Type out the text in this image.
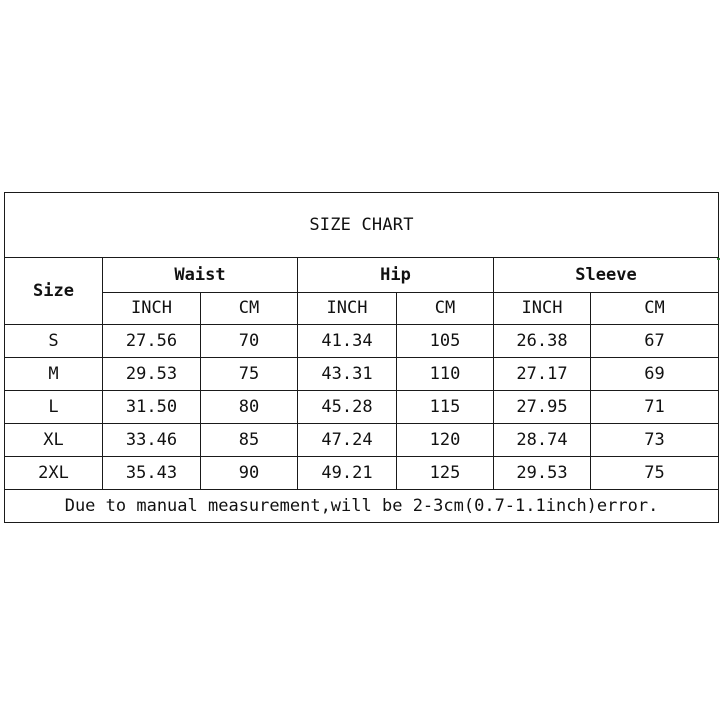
SIZE CHART						
Size	Waist		Hip		Sleeve	
	INCH	CM	INCH	CM	INCH	CM
S	27.56	70	41.34	105	26.38	67
M	29.53	75	43.31	110	27.17	69
L	31.50	80	45.28	115	27.95	71
XL	33.46	85	47.24	120	28.74	73
2XL	35.43	90	49.21	125	29.53	75
Due to manual measurement,will be 2-3cm(0.7-1.1inch)error.						
